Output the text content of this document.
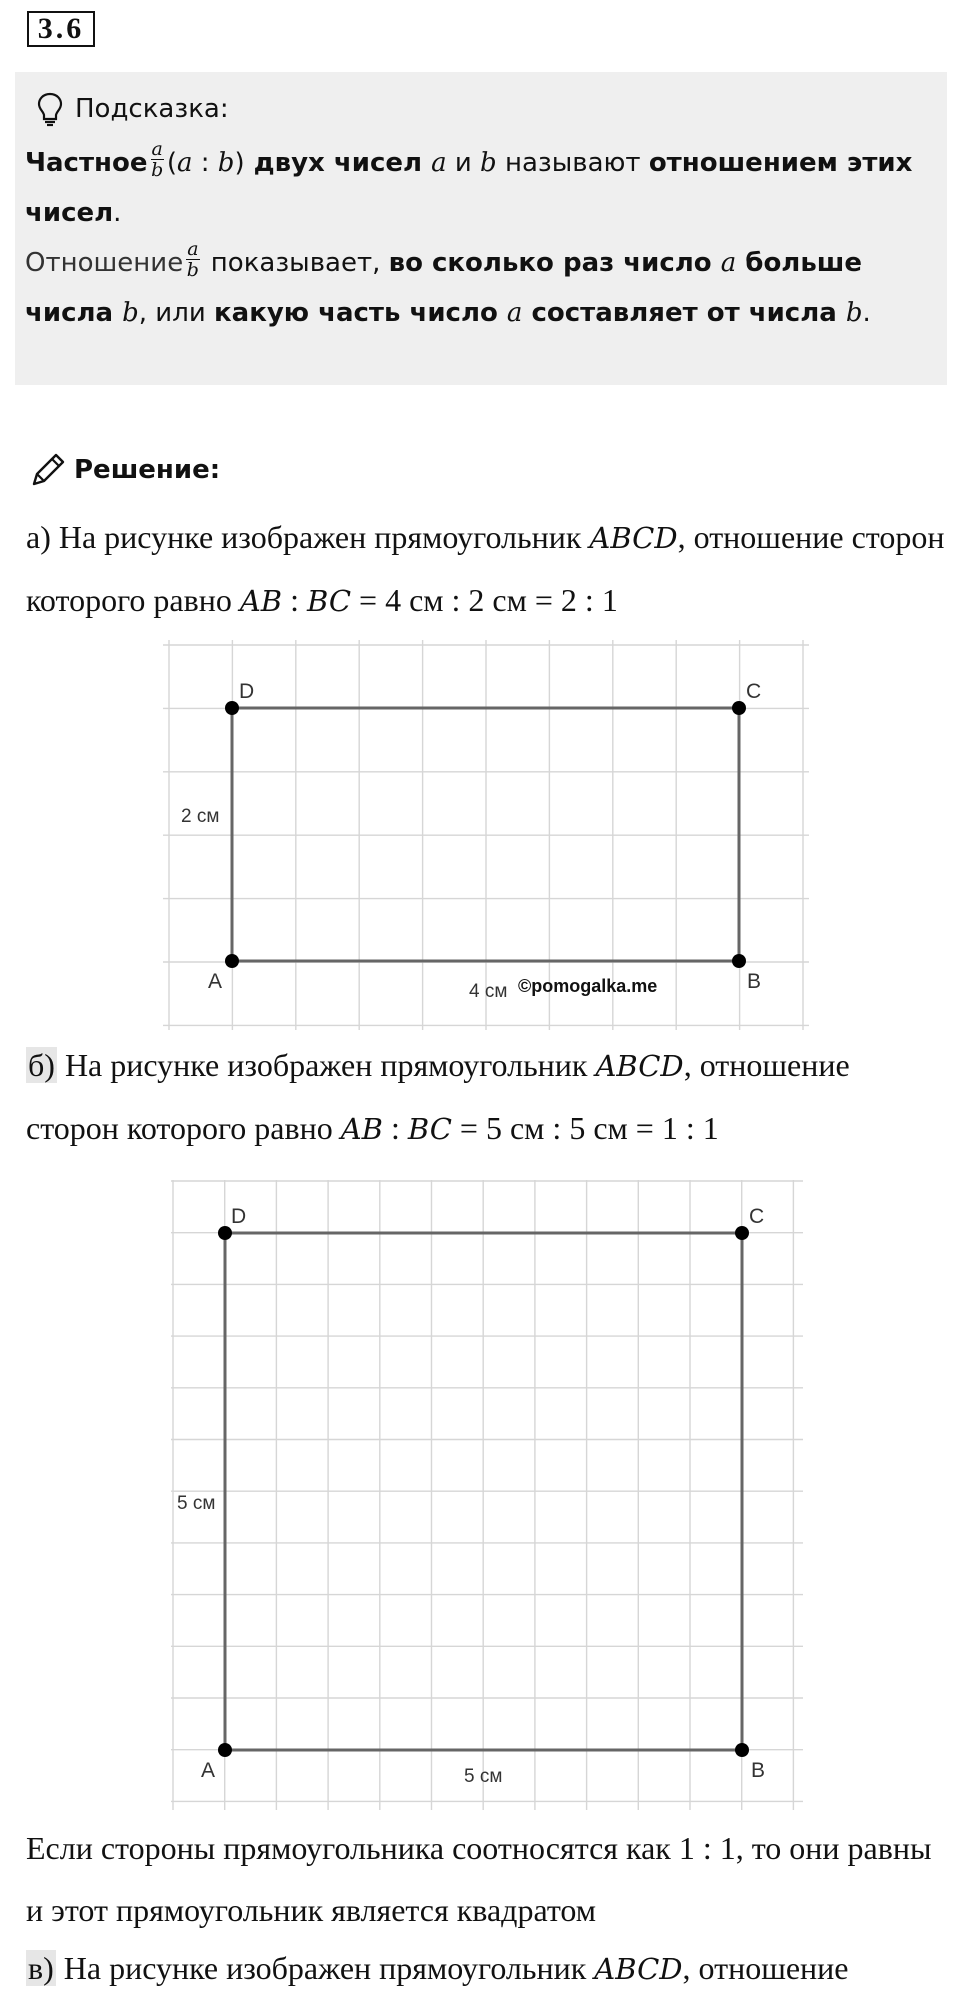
3.6
Подсказка:
Частное $\frac{a}{b} (a$ : b) двух чисел a и b называют отношением этих чисел.
Отношение $\frac{a}{b}$ показывает, во сколько раз число a больше числа b, или какую часть число a составляет от числа b.
Решение:
а) На рисунке изображен прямоугольник ABCD, отношение сторон которого равно AB : BC = 4 см : 2 см = 2 : 1
D	C
A	B
2 см
4 см ©pomogalka.me
б) На рисунке изображен прямоугольник ABCD, отношение сторон которого равно AB : BC = 5 см : 5 см = 1 : 1
D	C
A	B
5 см
5 см
Если стороны прямоугольника соотносятся как 1 : 1, то они равны и этот прямоугольник является квадратом
в) На рисунке изображен прямоугольник ABCD, отношение
